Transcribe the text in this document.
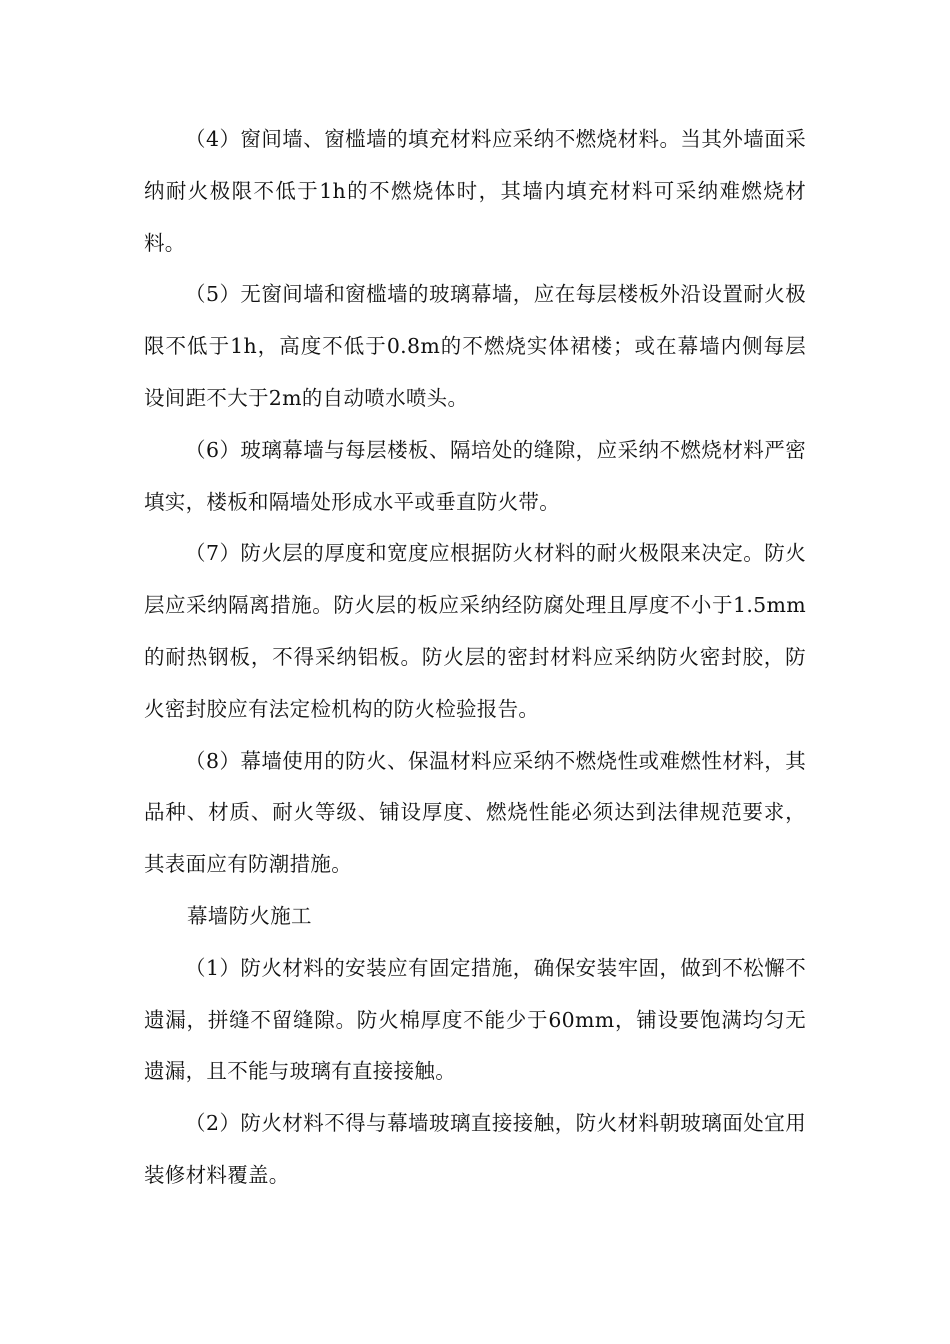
（4）窗间墙、窗槛墙的填充材料应采纳不燃烧材料。当其外墙面采纳耐火极限不低于1h的不燃烧体时，其墙内填充材料可采纳难燃烧材料。

（5）无窗间墙和窗槛墙的玻璃幕墙，应在每层楼板外沿设置耐火极限不低于1h，高度不低于0.8m的不燃烧实体裙楼；或在幕墙内侧每层设间距不大于2m的自动喷水喷头。

（6）玻璃幕墙与每层楼板、隔培处的缝隙，应采纳不燃烧材料严密填实，楼板和隔墙处形成水平或垂直防火带。

（7）防火层的厚度和宽度应根据防火材料的耐火极限来决定。防火层应采纳隔离措施。防火层的板应采纳经防腐处理且厚度不小于1.5mm的耐热钢板，不得采纳铝板。防火层的密封材料应采纳防火密封胶，防火密封胶应有法定检机构的防火检验报告。

（8）幕墙使用的防火、保温材料应采纳不燃烧性或难燃性材料，其品种、材质、耐火等级、铺设厚度、燃烧性能必须达到法律规范要求，其表面应有防潮措施。

幕墙防火施工

（1）防火材料的安装应有固定措施，确保安装牢固，做到不松懈不遗漏，拼缝不留缝隙。防火棉厚度不能少于60mm，铺设要饱满均匀无遗漏，且不能与玻璃有直接接触。

（2）防火材料不得与幕墙玻璃直接接触，防火材料朝玻璃面处宜用装修材料覆盖。
